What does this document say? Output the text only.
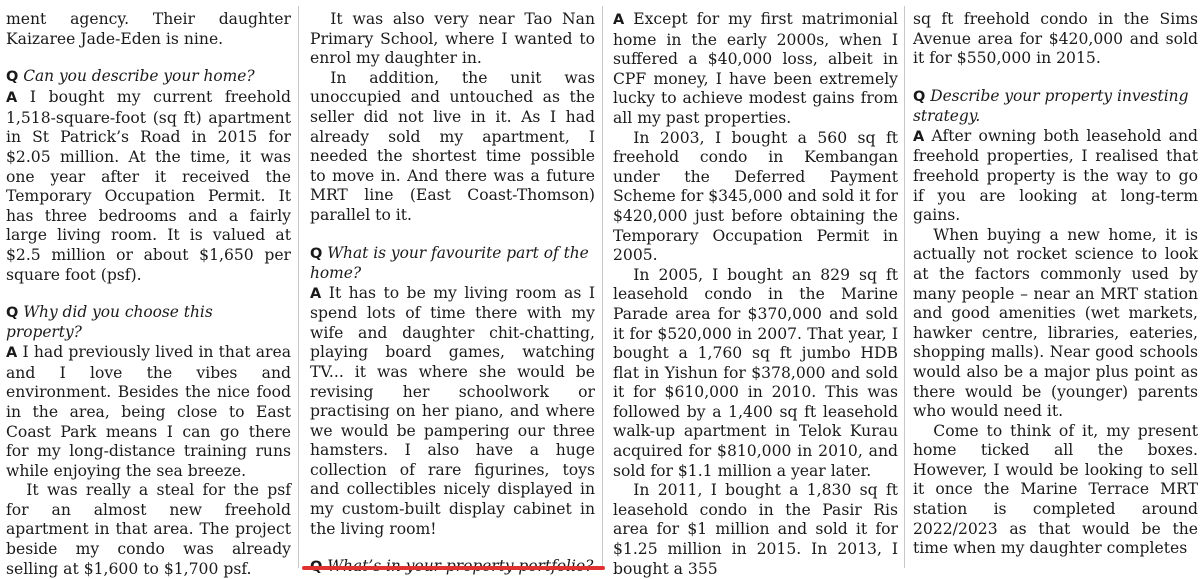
ment agency. Their daughter Kaizaree Jade-Eden is nine.

Q Can you describe your home?

A I bought my current freehold 1,518-square-foot (sq ft) apartment in St Patrick’s Road in 2015 for $2.05 million. At the time, it was one year after it received the Temporary Occupation Permit. It has three bedrooms and a fairly large living room. It is valued at $2.5 million or about $1,650 per square foot (psf).

Q Why did you choose this property?

A I had previously lived in that area and I love the vibes and environment. Besides the nice food in the area, being close to East Coast Park means I can go there for my long-distance training runs while enjoying the sea breeze.

It was really a steal for the psf for an almost new freehold apartment in that area. The project beside my condo was already selling at $1,600 to $1,700 psf.

It was also very near Tao Nan Primary School, where I wanted to enrol my daughter in.

In addition, the unit was unoccupied and untouched as the seller did not live in it. As I had already sold my apartment, I needed the shortest time possible to move in. And there was a future MRT line (East Coast-Thomson) parallel to it.

Q What is your favourite part of the home?

A It has to be my living room as I spend lots of time there with my wife and daughter chit-chatting, playing board games, watching TV... it was where she would be revising her schoolwork or practising on her piano, and where we would be pampering our three hamsters. I also have a huge collection of rare figurines, toys and collectibles nicely displayed in my custom-built display cabinet in the living room!

A Except for my first matrimonial home in the early 2000s, when I suffered a $40,000 loss, albeit in CPF money, I have been extremely lucky to achieve modest gains from all my past properties.

In 2003, I bought a 560 sq ft freehold condo in Kembangan under the Deferred Payment Scheme for $345,000 and sold it for $420,000 just before obtaining the Temporary Occupation Permit in 2005.

In 2005, I bought an 829 sq ft leasehold condo in the Marine Parade area for $370,000 and sold it for $520,000 in 2007. That year, I bought a 1,760 sq ft jumbo HDB flat in Yishun for $378,000 and sold it for $610,000 in 2010. This was followed by a 1,400 sq ft leasehold walk-up apartment in Telok Kurau acquired for $810,000 in 2010, and sold for $1.1 million a year later.

In 2011, I bought a 1,830 sq ft leasehold condo in the Pasir Ris area for $1 million and sold it for $1.25 million in 2015. In 2013, I bought a 355

sq ft freehold condo in the Sims Avenue area for $420,000 and sold it for $550,000 in 2015.

Q Describe your property investing strategy.

A After owning both leasehold and freehold properties, I realised that freehold property is the way to go if you are looking at long-term gains.

When buying a new home, it is actually not rocket science to look at the factors commonly used by many people – near an MRT station and good amenities (wet markets, hawker centre, libraries, eateries, shopping malls). Near good schools would also be a major plus point as there would be (younger) parents who would need it.

Come to think of it, my present home ticked all the boxes. However, I would be looking to sell it once the Marine Terrace MRT station is completed around 2022/2023 as that would be the time when my daughter completes
